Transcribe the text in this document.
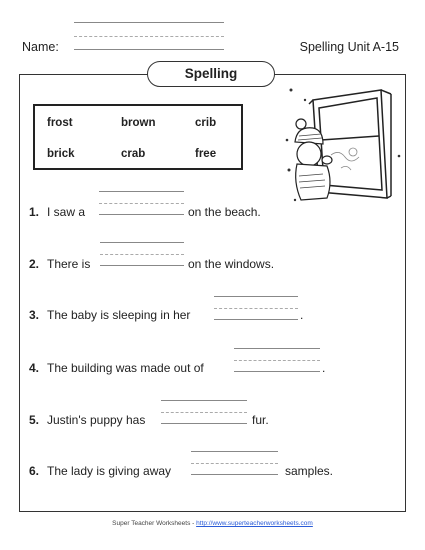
Name:	Spelling Unit A-15
Spelling
frost	brown	crib
brick	crab	free
1. I saw a	on the beach.
2. There is	on the windows.
3. The baby is sleeping in her	.
4. The building was made out of	.
5. Justin's puppy has	fur.
6. The lady is giving away	samples.
Super Teacher Worksheets - http://www.superteacherworksheets.com
